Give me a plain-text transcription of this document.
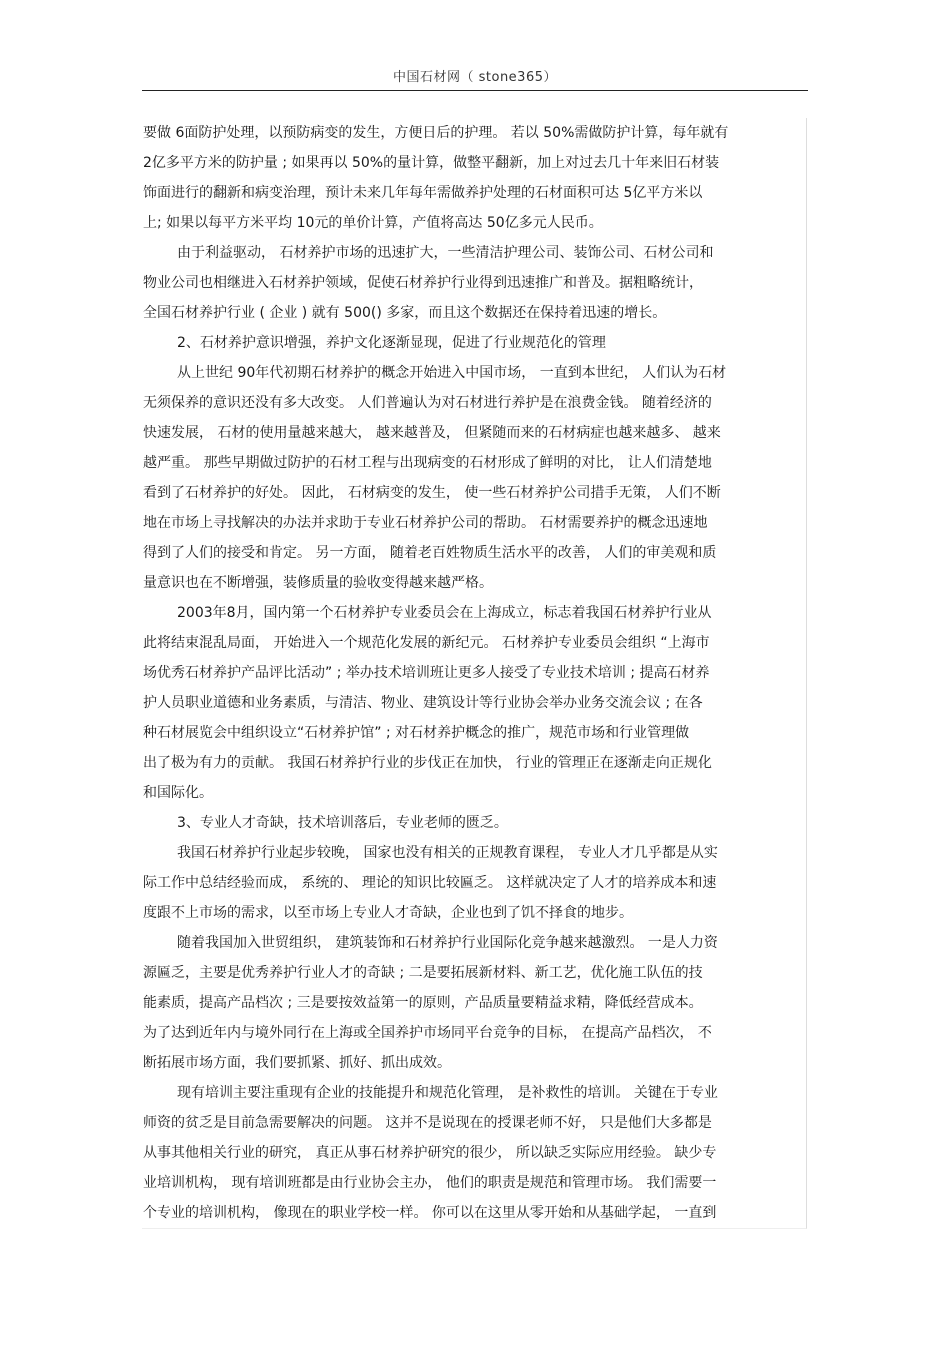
中国石材网（ stone365）
要做 6面防护处理，以预防病变的发生，方便日后的护理。 若以 50%需做防护计算，每年就有
2亿多平方米的防护量 ; 如果再以 50%的量计算，做整平翻新，加上对过去几十年来旧石材装
饰面进行的翻新和病变治理，预计未来几年每年需做养护处理的石材面积可达 5亿平方米以
上; 如果以每平方米平均 10元的单价计算，产值将高达 50亿多元人民币。
由于利益驱动， 石材养护市场的迅速扩大，一些清洁护理公司、装饰公司、石材公司和
物业公司也相继进入石材养护领域，促使石材养护行业得到迅速推广和普及。据粗略统计，
全国石材养护行业 ( 企业 ) 就有 500() 多家，而且这个数据还在保持着迅速的增长。
2、石材养护意识增强，养护文化逐渐显现，促进了行业规范化的管理
从上世纪 90年代初期石材养护的概念开始进入中国市场， 一直到本世纪， 人们认为石材
无须保养的意识还没有多大改变。 人们普遍认为对石材进行养护是在浪费金钱。 随着经济的
快速发展， 石材的使用量越来越大， 越来越普及， 但紧随而来的石材病症也越来越多、 越来
越严重。 那些早期做过防护的石材工程与出现病变的石材形成了鲜明的对比， 让人们清楚地
看到了石材养护的好处。 因此， 石材病变的发生， 使一些石材养护公司措手无策， 人们不断
地在市场上寻找解决的办法并求助于专业石材养护公司的帮助。 石材需要养护的概念迅速地
得到了人们的接受和肯定。 另一方面， 随着老百姓物质生活水平的改善， 人们的审美观和质
量意识也在不断增强，装修质量的验收变得越来越严格。
2003年8月，国内第一个石材养护专业委员会在上海成立，标志着我国石材养护行业从
此将结束混乱局面， 开始进入一个规范化发展的新纪元。 石材养护专业委员会组织 “上海市
场优秀石材养护产品评比活动” ; 举办技术培训班让更多人接受了专业技术培训 ; 提高石材养
护人员职业道德和业务素质，与清洁、物业、建筑设计等行业协会举办业务交流会议 ; 在各
种石材展览会中组织设立“石材养护馆” ; 对石材养护概念的推广，规范市场和行业管理做
出了极为有力的贡献。 我国石材养护行业的步伐正在加快， 行业的管理正在逐渐走向正规化
和国际化。
3、专业人才奇缺，技术培训落后，专业老师的匮乏。
我国石材养护行业起步较晚， 国家也没有相关的正规教育课程， 专业人才几乎都是从实
际工作中总结经验而成， 系统的、 理论的知识比较匾乏。 这样就决定了人才的培养成本和速
度跟不上市场的需求，以至市场上专业人才奇缺，企业也到了饥不择食的地步。
随着我国加入世贸组织， 建筑装饰和石材养护行业国际化竞争越来越激烈。 一是人力资
源匾乏，主要是优秀养护行业人才的奇缺 ; 二是要拓展新材料、新工艺，优化施工队伍的技
能素质，提高产品档次 ; 三是要按效益第一的原则，产品质量要精益求精，降低经营成本。
为了达到近年内与境外同行在上海或全国养护市场同平台竞争的目标， 在提高产品档次， 不
断拓展市场方面，我们要抓紧、抓好、抓出成效。
现有培训主要注重现有企业的技能提升和规范化管理， 是补救性的培训。 关键在于专业
师资的贫乏是目前急需要解决的问题。 这并不是说现在的授课老师不好， 只是他们大多都是
从事其他相关行业的研究， 真正从事石材养护研究的很少， 所以缺乏实际应用经验。 缺少专
业培训机构， 现有培训班都是由行业协会主办， 他们的职责是规范和管理市场。 我们需要一
个专业的培训机构， 像现在的职业学校一样。 你可以在这里从零开始和从基础学起， 一直到
